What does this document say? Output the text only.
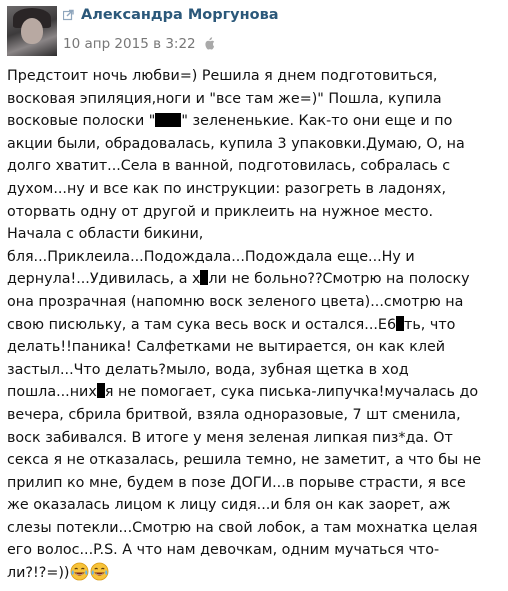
Александра Моргунова
10 апр 2015 в 3:22
Предстоит ночь любви=) Решила я днем подготовиться,
восковая эпиляция,ноги и "все там же=)" Пошла, купила
восковые полоски " " зелененькие. Как-то они еще и по
акции были, обрадовалась, купила 3 упаковки.Думаю, О, на
долго хватит...Села в ванной, подготовилась, собралась с
духом...ну и все как по инструкции: разогреть в ладонях,
оторвать одну от другой и приклеить на нужное место.
Начала с области бикини,
бля...Приклеила...Подождала...Подождала еще...Ну и
дернула!...Удивилась, а х ли не больно??Смотрю на полоску
она прозрачная (напомню воск зеленого цвета)...смотрю на
свою писюльку, а там сука весь воск и остался...Е6 ть, что
делать!!паника! Салфетками не вытирается, он как клей
застыл...Что делать?мыло, вода, зубная щетка в ход
пошла...них я не помогает, сука писька-липучка!мучалась до
вечера, сбрила бритвой, взяла одноразовые, 7 шт сменила,
воск забивался. В итоге у меня зеленая липкая пиз*да. От
секса я не отказалась, решила темно, не заметит, а что бы не
прилип ко мне, будем в позе ДОГИ...в порыве страсти, я все
же оказалась лицом к лицу сидя...и бля он как заорет, аж
слезы потекли...Смотрю на свой лобок, а там мохнатка целая
его волос...P.S. А что нам девочкам, одним мучаться что-
ли?!?=))
